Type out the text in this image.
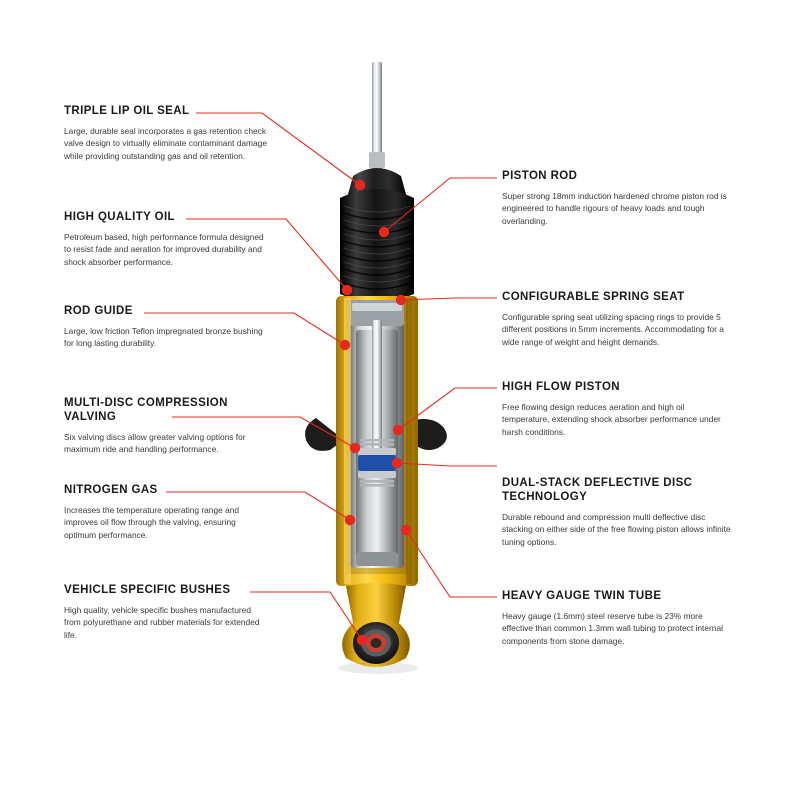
TRIPLE LIP OIL SEAL

Large, durable seal incorporates a gas retention check valve design to virtually eliminate contaminant damage while providing outstanding gas and oil retention.

HIGH QUALITY OIL

Petroleum based, high performance formula designed to resist fade and aeration for improved durability and shock absorber performance.

ROD GUIDE

Large, low friction Teflon impregnated bronze bushing for long lasting durability.

MULTI-DISC COMPRESSION VALVING

Six valving discs allow greater valving options for maximum ride and handling performance.

NITROGEN GAS

Increases the temperature operating range and improves oil flow through the valving, ensuring optimum performance.

VEHICLE SPECIFIC BUSHES

High quality, vehicle specific bushes manufactured from polyurethane and rubber materials for extended life.

PISTON ROD

Super strong 18mm induction hardened chrome piston rod is engineered to handle rigours of heavy loads and tough overlanding.

CONFIGURABLE SPRING SEAT

Configurable spring seat utilizing spacing rings to provide 5 different positions in 5mm increments. Accommodating for a wide range of weight and height demands.

HIGH FLOW PISTON

Free flowing design reduces aeration and high oil temperature, extending shock absorber performance under harsh conditions.

DUAL-STACK DEFLECTIVE DISC TECHNOLOGY

Durable rebound and compression multi deflective disc stacking on either side of the free flowing piston allows infinite tuning options.

HEAVY GAUGE TWIN TUBE

Heavy gauge (1.6mm) steel reserve tube is 23% more effective than common 1.3mm wall tubing to protect internal components from stone damage.
